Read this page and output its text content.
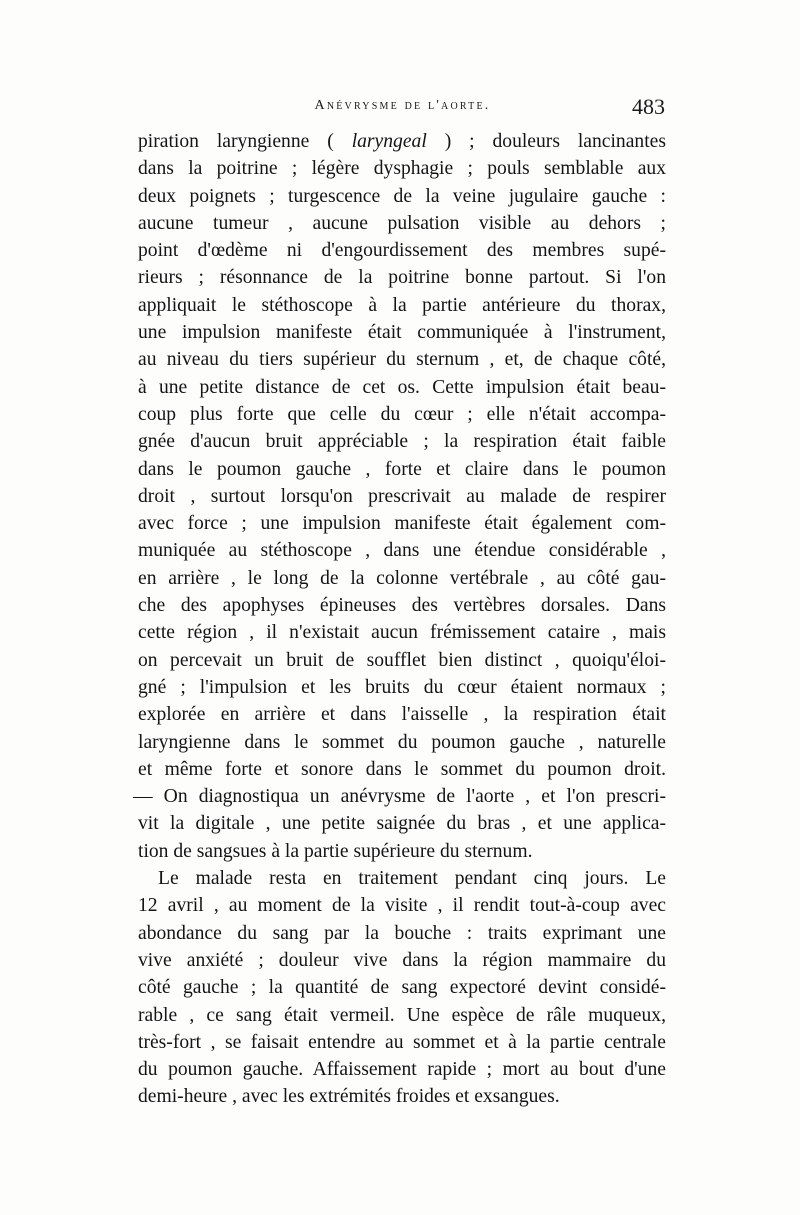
Anévrysme de l'aorte.	483
piration laryngienne ( laryngeal ) ; douleurs lancinantes
dans la poitrine ; légère dysphagie ; pouls semblable aux
deux poignets ; turgescence de la veine jugulaire gauche :
aucune tumeur , aucune pulsation visible au dehors ;
point d'œdème ni d'engourdissement des membres supé-
rieurs ; résonnance de la poitrine bonne partout. Si l'on
appliquait le stéthoscope à la partie antérieure du thorax,
une impulsion manifeste était communiquée à l'instrument,
au niveau du tiers supérieur du sternum , et, de chaque côté,
à une petite distance de cet os. Cette impulsion était beau-
coup plus forte que celle du cœur ; elle n'était accompa-
gnée d'aucun bruit appréciable ; la respiration était faible
dans le poumon gauche , forte et claire dans le poumon
droit , surtout lorsqu'on prescrivait au malade de respirer
avec force ; une impulsion manifeste était également com-
muniquée au stéthoscope , dans une étendue considérable ,
en arrière , le long de la colonne vertébrale , au côté gau-
che des apophyses épineuses des vertèbres dorsales. Dans
cette région , il n'existait aucun frémissement cataire , mais
on percevait un bruit de soufflet bien distinct , quoiqu'éloi-
gné ; l'impulsion et les bruits du cœur étaient normaux ;
explorée en arrière et dans l'aisselle , la respiration était
laryngienne dans le sommet du poumon gauche , naturelle
et même forte et sonore dans le sommet du poumon droit.
— On diagnostiqua un anévrysme de l'aorte , et l'on prescri-
vit la digitale , une petite saignée du bras , et une applica-
tion de sangsues à la partie supérieure du sternum.
Le malade resta en traitement pendant cinq jours. Le
12 avril , au moment de la visite , il rendit tout-à-coup avec
abondance du sang par la bouche : traits exprimant une
vive anxiété ; douleur vive dans la région mammaire du
côté gauche ; la quantité de sang expectoré devint considé-
rable , ce sang était vermeil. Une espèce de râle muqueux,
très-fort , se faisait entendre au sommet et à la partie centrale
du poumon gauche. Affaissement rapide ; mort au bout d'une
demi-heure , avec les extrémités froides et exsangues.
